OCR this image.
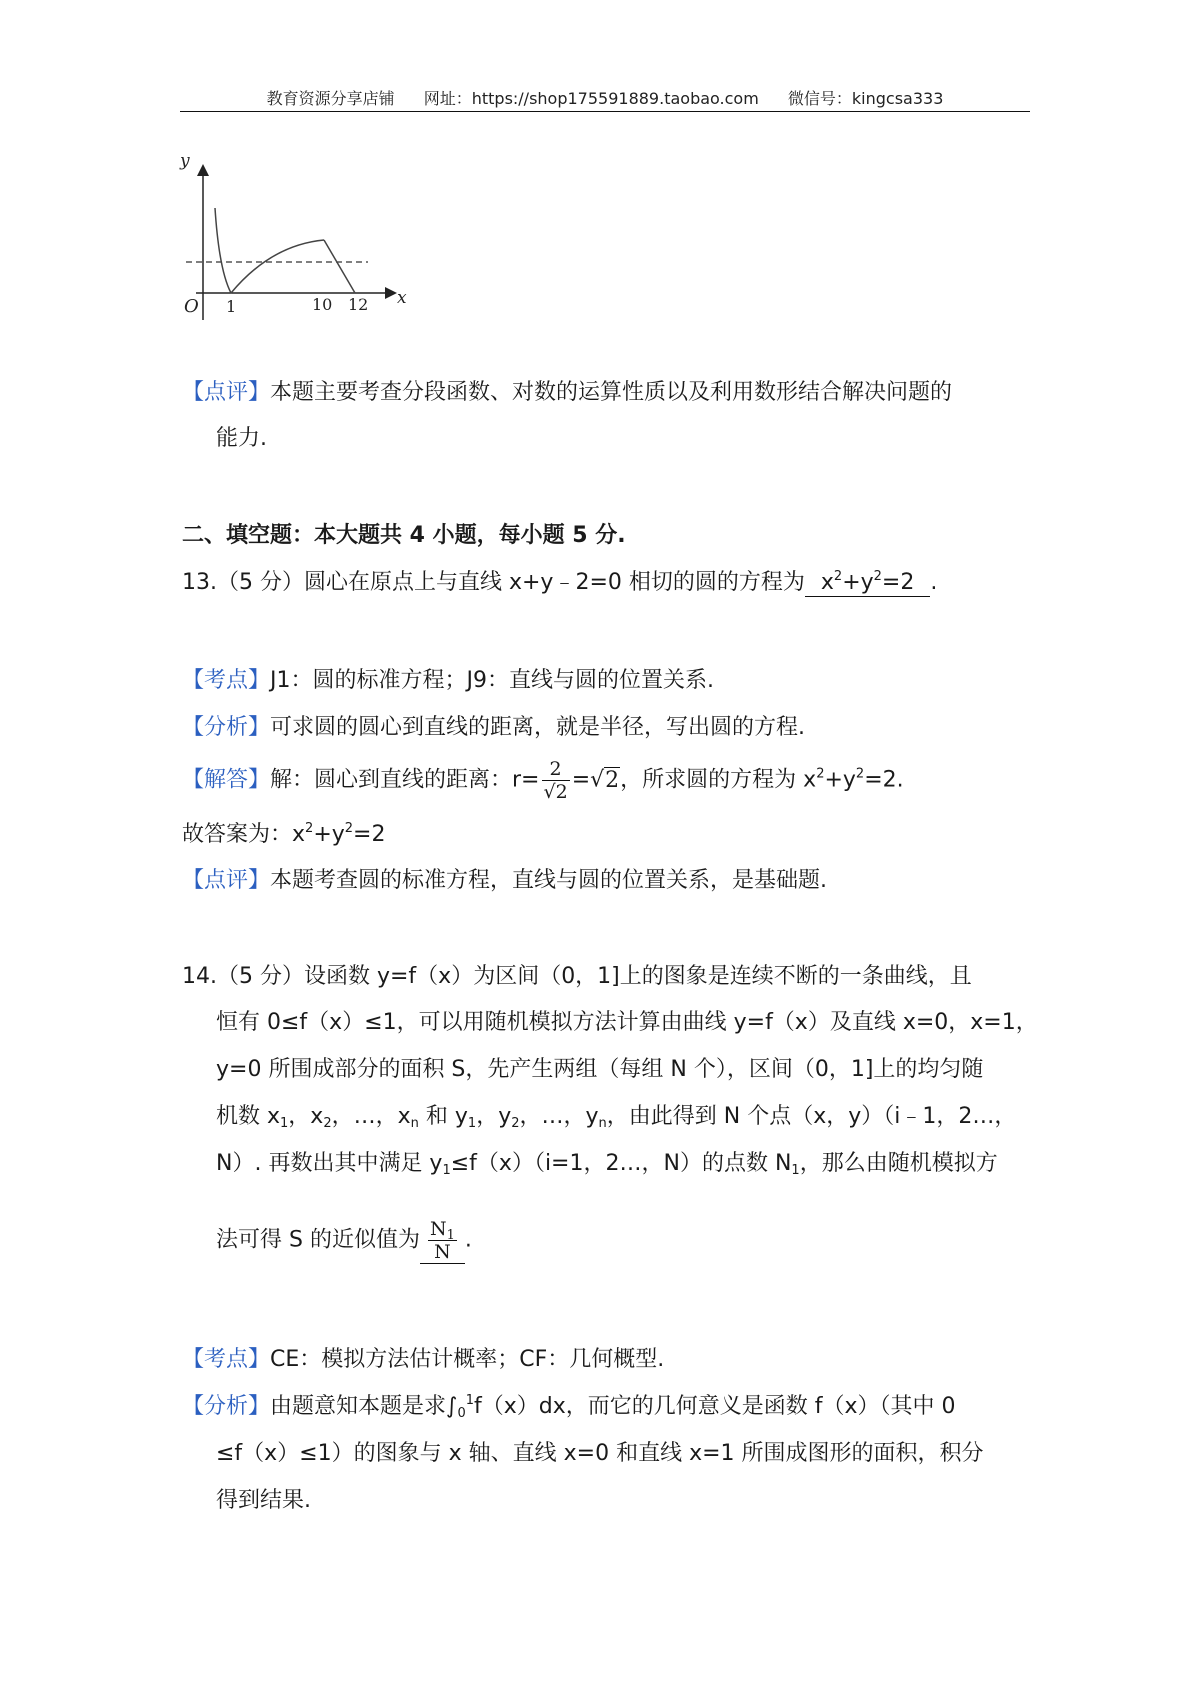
教育资源分享店铺 网址：https://shop175591889.taobao.com 微信号：kingcsa333
y
x
O 1	10 12
【点评】本题主要考查分段函数、对数的运算性质以及利用数形结合解决问题的
能力.
二、填空题：本大题共 4 小题，每小题 5 分.
13.（5 分）圆心在原点上与直线 x+y﹣2=0 相切的圆的方程为 $x^2+y^2=2$ .
【考点】J1：圆的标准方程；J9：直线与圆的位置关系.
【分析】可求圆的圆心到直线的距离，就是半径，写出圆的方程.
【解答】解：圆心到直线的距离：$r= \frac{2}{√2} =√2$，所求圆的方程为 $x^2+y^2=2$.
故答案为：$x^2+y^2=2$
【点评】本题考查圆的标准方程，直线与圆的位置关系，是基础题.
14.（5 分）设函数 y=f（x）为区间（0，1]上的图象是连续不断的一条曲线，且
恒有 0≤f（x）≤1，可以用随机模拟方法计算由曲线 y=f（x）及直线 x=0，x=1，
y=0 所围成部分的面积 S，先产生两组（每组 N 个），区间（0，1]上的均匀随
机数 $x_1$，$x_2$，…，$x_n$ 和 $y_1$，$y_2$，…，$y_n$，由此得到 N 个点（x，y）（i﹣1，2…，
N）. 再数出其中满足 $y_1\le f(x)(i=1$，2…，N）的点数 $N_1$，那么由随机模拟方
法可得 S 的近似值为 $\frac{N_1}{N}$ .
【考点】CE：模拟方法估计概率；CF：几何概型.
【分析】由题意知本题是求$\int_0^1f(x)dx$，而它的几何意义是函数 f（x）（其中 0
≤f（x）≤1）的图象与 x 轴、直线 x=0 和直线 x=1 所围成图形的面积，积分
得到结果.
